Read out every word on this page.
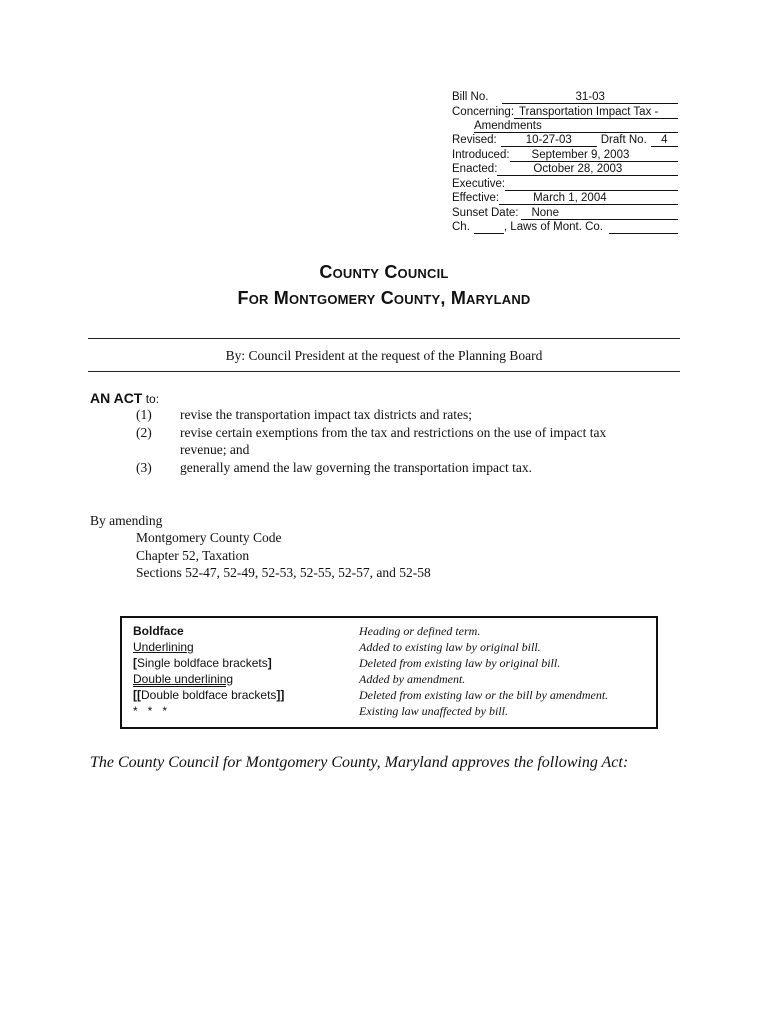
Bill No.	31-03
Concerning: Transportation Impact Tax -
Amendments
Revised:	10-27-03	Draft No.	4
Introduced:	September 9, 2003
Enacted:	October 28, 2003
Executive:
Effective:	March 1, 2004
Sunset Date:	None
Ch.	, Laws of Mont. Co.
County Council
For Montgomery County, Maryland
By: Council President at the request of the Planning Board
AN ACT to:
(1)	revise the transportation impact tax districts and rates;
(2)	revise certain exemptions from the tax and restrictions on the use of impact tax revenue; and
(3)	generally amend the law governing the transportation impact tax.
By amending
Montgomery County Code
Chapter 52, Taxation
Sections 52-47, 52-49, 52-53, 52-55, 52-57, and 52-58
Boldface	Heading or defined term.
Underlining	Added to existing law by original bill.
[Single boldface brackets]	Deleted from existing law by original bill.
Double underlining	Added by amendment.
[[Double boldface brackets]]	Deleted from existing law or the bill by amendment.
*   *   *	Existing law unaffected by bill.
The County Council for Montgomery County, Maryland approves the following Act:
